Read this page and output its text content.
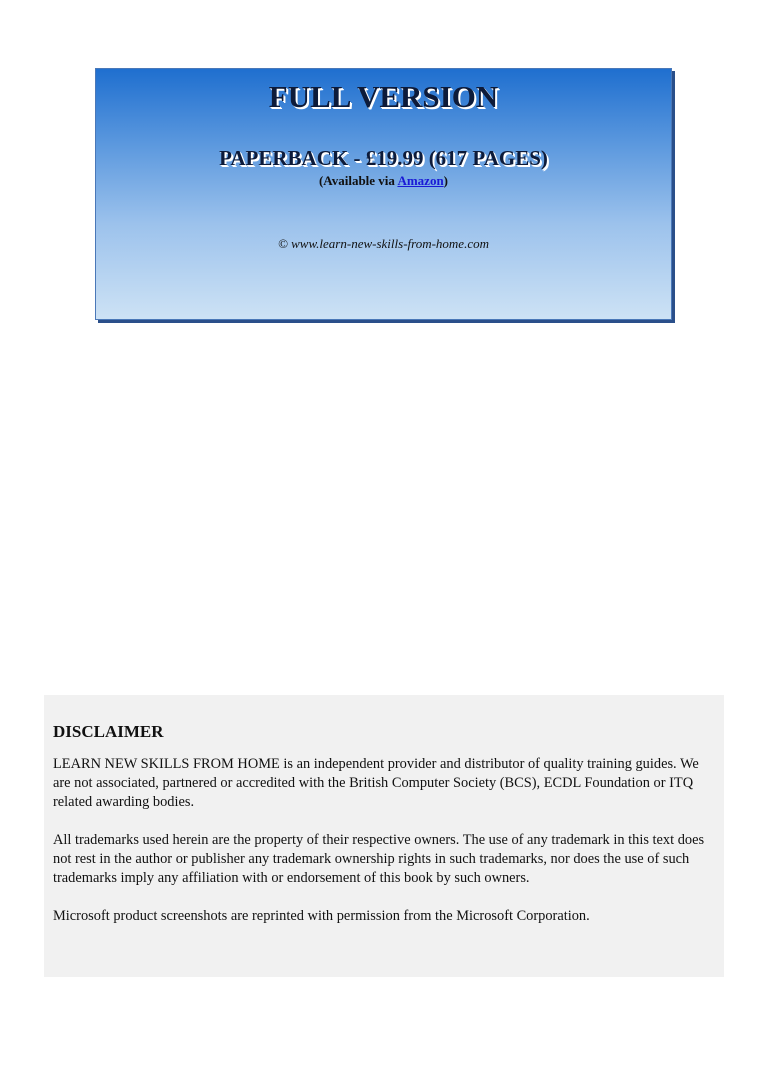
FULL VERSION
PAPERBACK - £19.99 (617 PAGES)
(Available via Amazon)
© www.learn-new-skills-from-home.com
DISCLAIMER

LEARN NEW SKILLS FROM HOME is an independent provider and distributor of quality training guides. We are not associated, partnered or accredited with the British Computer Society (BCS), ECDL Foundation or ITQ related awarding bodies.

All trademarks used herein are the property of their respective owners. The use of any trademark in this text does not rest in the author or publisher any trademark ownership rights in such trademarks, nor does the use of such trademarks imply any affiliation with or endorsement of this book by such owners.

Microsoft product screenshots are reprinted with permission from the Microsoft Corporation.
